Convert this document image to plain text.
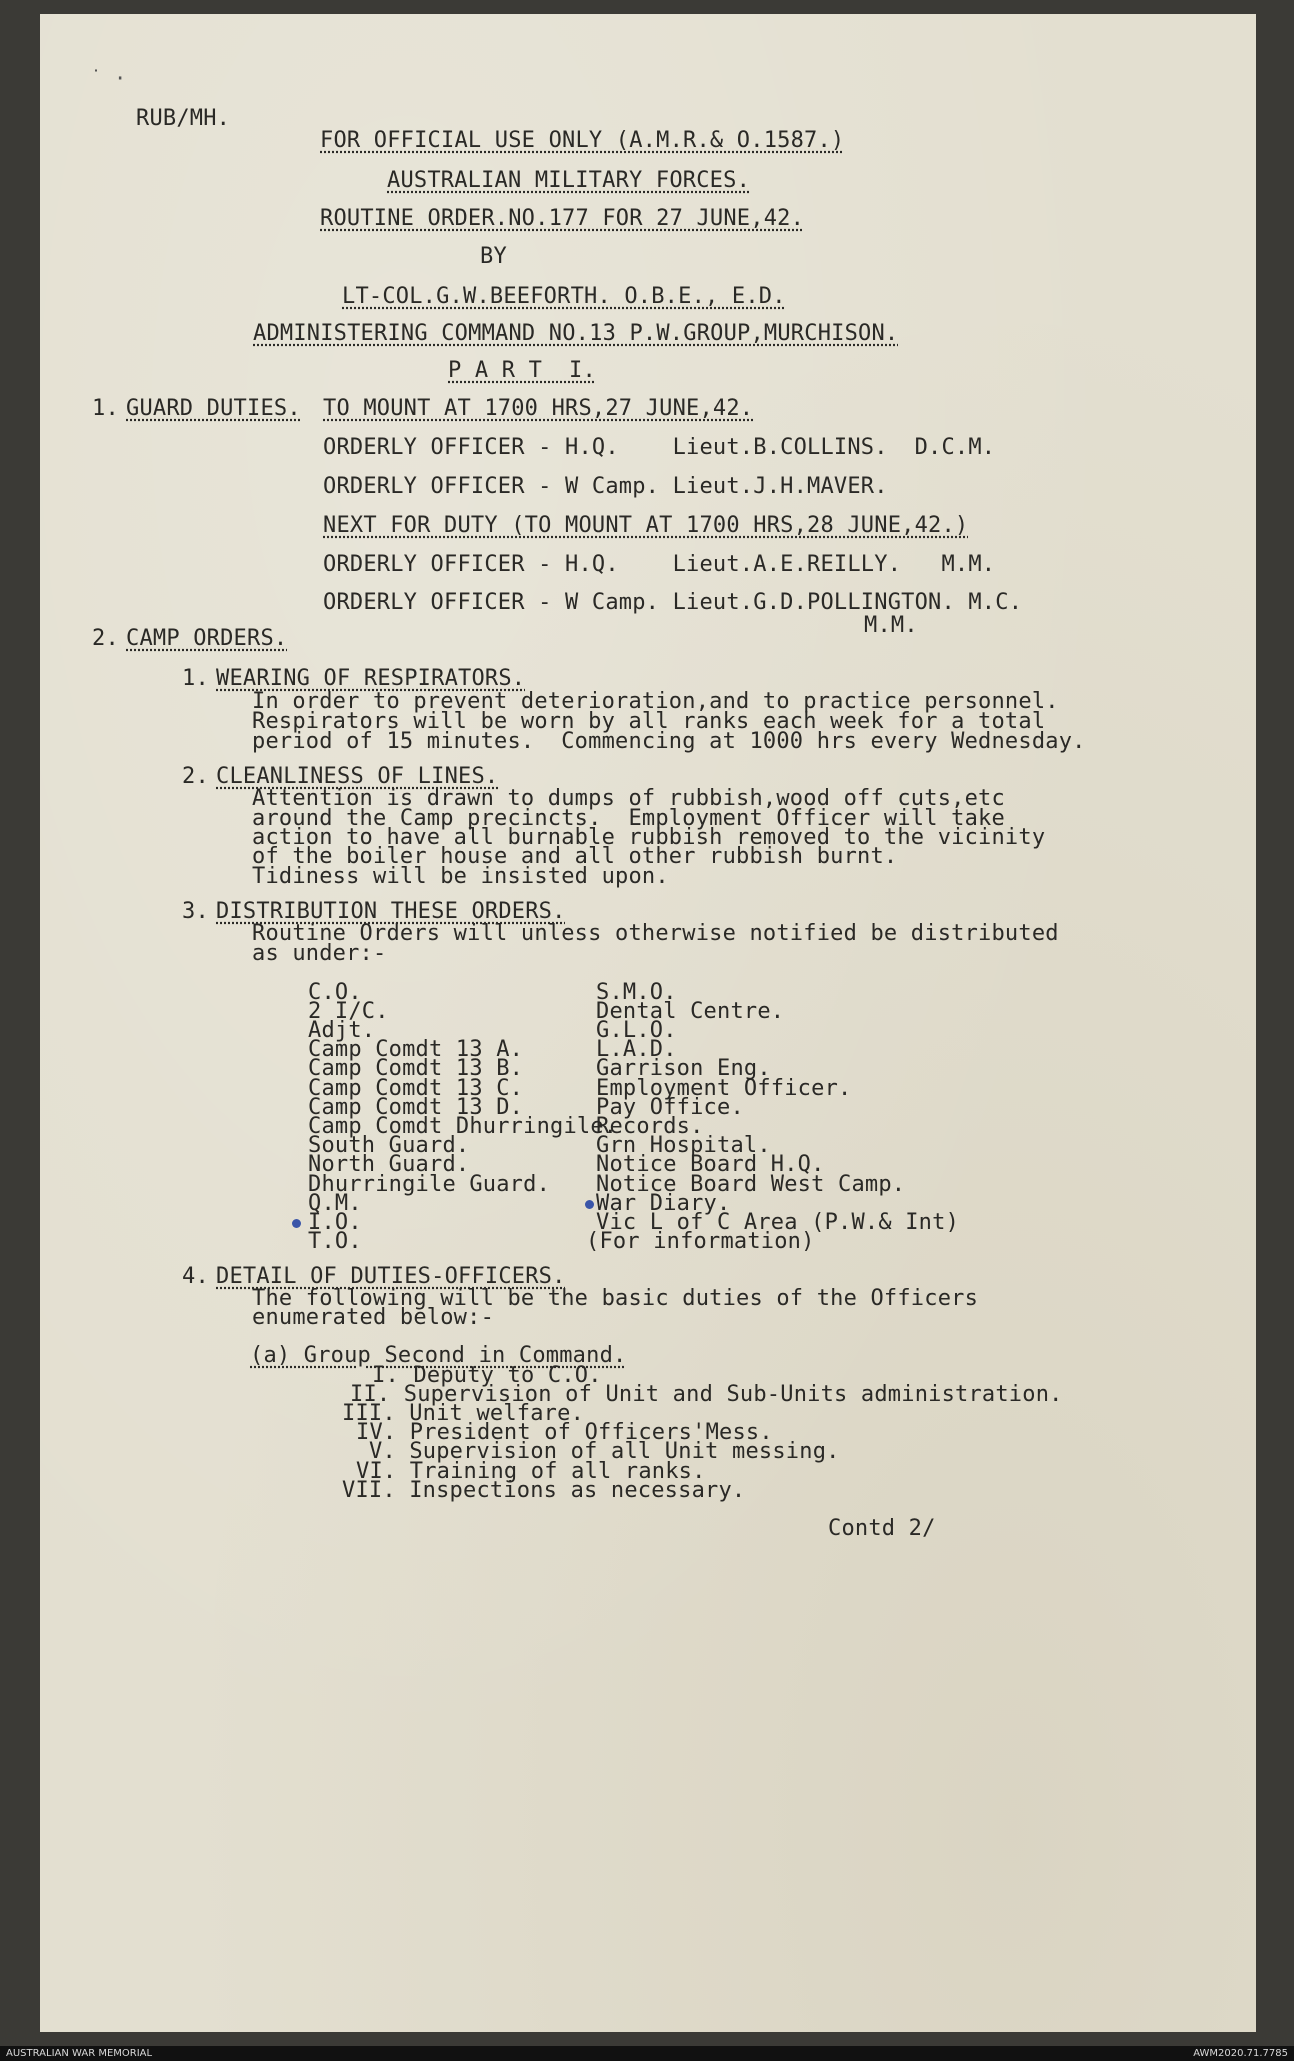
˙ ·
RUB/MH.
FOR OFFICIAL USE ONLY (A.M.R.& O.1587.)
AUSTRALIAN MILITARY FORCES.
ROUTINE ORDER.NO.177 FOR 27 JUNE,42.
BY
LT-COL.G.W.BEEFORTH. O.B.E., E.D.
ADMINISTERING COMMAND NO.13 P.W.GROUP,MURCHISON.
P A R T  I.
1. GUARD DUTIES. TO MOUNT AT 1700 HRS,27 JUNE,42.
ORDERLY OFFICER - H.Q.    Lieut.B.COLLINS.  D.C.M.
ORDERLY OFFICER - W Camp. Lieut.J.H.MAVER.
NEXT FOR DUTY (TO MOUNT AT 1700 HRS,28 JUNE,42.)
ORDERLY OFFICER - H.Q.    Lieut.A.E.REILLY.   M.M.
ORDERLY OFFICER - W Camp. Lieut.G.D.POLLINGTON. M.C.
M.M.
2. CAMP ORDERS.
1. WEARING OF RESPIRATORS.
In order to prevent deterioration,and to practice personnel.
Respirators will be worn by all ranks each week for a total
period of 15 minutes.  Commencing at 1000 hrs every Wednesday.
2. CLEANLINESS OF LINES.
Attention is drawn to dumps of rubbish,wood off cuts,etc
around the Camp precincts.  Employment Officer will take
action to have all burnable rubbish removed to the vicinity
of the boiler house and all other rubbish burnt.
Tidiness will be insisted upon.
3. DISTRIBUTION THESE ORDERS.
Routine Orders will unless otherwise notified be distributed
as under:-
C.O.
2 I/C.
Adjt.
Camp Comdt 13 A.
Camp Comdt 13 B.
Camp Comdt 13 C.
Camp Comdt 13 D.
Camp Comdt Dhurringile.
South Guard.
North Guard.
Dhurringile Guard.
Q.M.
I.O.
T.O.
S.M.O.
Dental Centre.
G.L.O.
L.A.D.
Garrison Eng.
Employment Officer.
Pay Office.
Records.
Grn Hospital.
Notice Board H.Q.
Notice Board West Camp.
War Diary.
Vic L of C Area (P.W.& Int)
(For information)
4. DETAIL OF DUTIES-OFFICERS.
The following will be the basic duties of the Officers
enumerated below:-
(a) Group Second in Command.
I. Deputy to C.O.
II. Supervision of Unit and Sub-Units administration.
III. Unit welfare.
IV. President of Officers'Mess.
V. Supervision of all Unit messing.
VI. Training of all ranks.
VII. Inspections as necessary.
Contd 2/
AUSTRALIAN WAR MEMORIAL	AWM2020.71.7785
